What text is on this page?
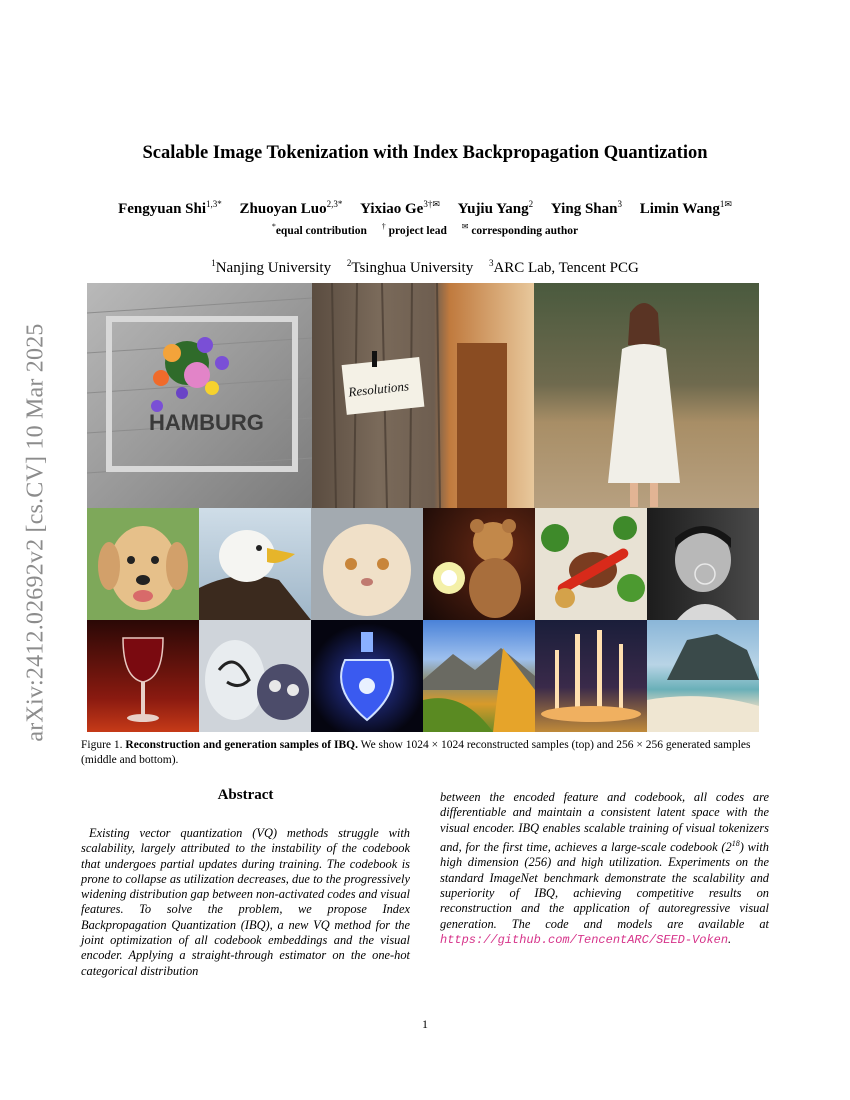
arXiv:2412.02692v2 [cs.CV] 10 Mar 2025
Scalable Image Tokenization with Index Backpropagation Quantization
Fengyuan Shi$^{1,3*}$ Zhuoyan Luo$^{2,3*}$ Yixiao $Ge^{3\dagger✉}$ Yujiu Yang$^2$ Ying Shan$^3$ Limin Wang$^{1✉}$
*equal contribution † project lead ✉ corresponding author
$^1$Nanjing University $^2$Tsinghua University $^3$ARC Lab, Tencent PCG
HAMBURG
Resolutions
Figure 1. Reconstruction and generation samples of IBQ. We show 1024 × 1024 reconstructed samples (top) and 256 × 256 generated samples (middle and bottom).
Abstract
Existing vector quantization (VQ) methods struggle with scalability, largely attributed to the instability of the codebook that undergoes partial updates during training. The codebook is prone to collapse as utilization decreases, due to the progressively widening distribution gap between non-activated codes and visual features. To solve the problem, we propose Index Backpropagation Quantization (IBQ), a new VQ method for the joint optimization of all codebook embeddings and the visual encoder. Applying a straight-through estimator on the one-hot categorical distribution
between the encoded feature and codebook, all codes are differentiable and maintain a consistent latent space with the visual encoder. IBQ enables scalable training of visual tokenizers and, for the first time, achieves a large-scale codebook $(2^{18})$ with high dimension (256) and high utilization. Experiments on the standard ImageNet benchmark demonstrate the scalability and superiority of IBQ, achieving competitive results on reconstruction and the application of autoregressive visual generation. The code and models are available at https://github.com/TencentARC/SEED-Voken.
1
